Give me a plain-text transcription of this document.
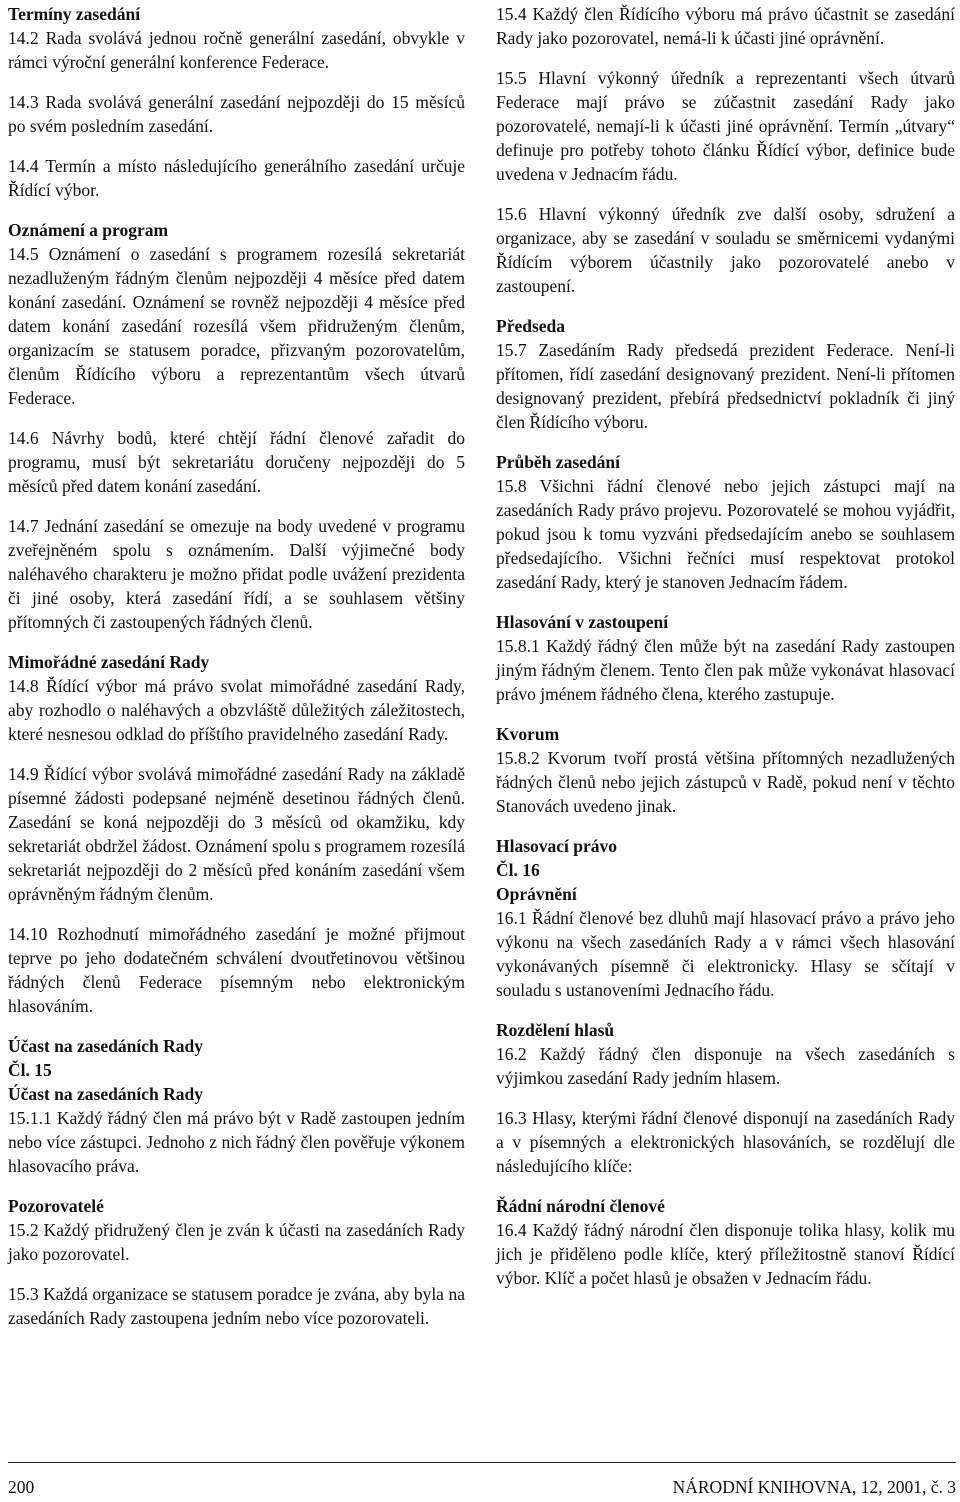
Termíny zasedání

14.2 Rada svolává jednou ročně generální zasedání, obvykle v rámci výroční generální konference Federace.

14.3 Rada svolává generální zasedání nejpozději do 15 měsíců po svém posledním zasedání.

14.4 Termín a místo následujícího generálního zasedání určuje Řídící výbor.

Oznámení a program

14.5 Oznámení o zasedání s programem rozesílá sekretariát nezadluženým řádným členům nejpozději 4 měsíce před datem konání zasedání. Oznámení se rovněž nejpozději 4 měsíce před datem konání zasedání rozesílá všem přidruženým členům, organizacím se statusem poradce, přizvaným pozorovatelům, členům Řídícího výboru a reprezentantům všech útvarů Federace.

14.6 Návrhy bodů, které chtějí řádní členové zařadit do programu, musí být sekretariátu doručeny nejpozději do 5 měsíců před datem konání zasedání.

14.7 Jednání zasedání se omezuje na body uvedené v programu zveřejněném spolu s oznámením. Další výjimečné body naléhavého charakteru je možno přidat podle uvážení prezidenta či jiné osoby, která zasedání řídí, a se souhlasem většiny přítomných či zastoupených řádných členů.

Mimořádné zasedání Rady

14.8 Řídící výbor má právo svolat mimořádné zasedání Rady, aby rozhodlo o naléhavých a obzvláště důležitých záležitostech, které nesnesou odklad do příštího pravidelného zasedání Rady.

14.9 Řídící výbor svolává mimořádné zasedání Rady na základě písemné žádosti podepsané nejméně desetinou řádných členů. Zasedání se koná nejpozději do 3 měsíců od okamžiku, kdy sekretariát obdržel žádost. Oznámení spolu s programem rozesílá sekretariát nejpozději do 2 měsíců před konáním zasedání všem oprávněným řádným členům.

14.10 Rozhodnutí mimořádného zasedání je možné přijmout teprve po jeho dodatečném schválení dvoutřetinovou většinou řádných členů Federace písemným nebo elektronickým hlasováním.

Účast na zasedáních Rady
Čl. 15
Účast na zasedáních Rady

15.1.1 Každý řádný člen má právo být v Radě zastoupen jedním nebo více zástupci. Jednoho z nich řádný člen pověřuje výkonem hlasovacího práva.

Pozorovatelé

15.2 Každý přidružený člen je zván k účasti na zasedáních Rady jako pozorovatel.

15.3 Každá organizace se statusem poradce je zvána, aby byla na zasedáních Rady zastoupena jedním nebo více pozorovateli.

15.4 Každý člen Řídícího výboru má právo účastnit se zasedání Rady jako pozorovatel, nemá-li k účasti jiné oprávnění.

15.5 Hlavní výkonný úředník a reprezentanti všech útvarů Federace mají právo se zúčastnit zasedání Rady jako pozorovatelé, nemají-li k účasti jiné oprávnění. Termín „útvary“ definuje pro potřeby tohoto článku Řídící výbor, definice bude uvedena v Jednacím řádu.

15.6 Hlavní výkonný úředník zve další osoby, sdružení a organizace, aby se zasedání v souladu se směrnicemi vydanými Řídícím výborem účastnily jako pozorovatelé anebo v zastoupení.

Předseda

15.7 Zasedáním Rady předsedá prezident Federace. Není-li přítomen, řídí zasedání designovaný prezident. Není-li přítomen designovaný prezident, přebírá předsednictví pokladník či jiný člen Řídícího výboru.

Průběh zasedání

15.8 Všichni řádní členové nebo jejich zástupci mají na zasedáních Rady právo projevu. Pozorovatelé se mohou vyjádřit, pokud jsou k tomu vyzváni předsedajícím anebo se souhlasem předsedajícího. Všichni řečníci musí respektovat protokol zasedání Rady, který je stanoven Jednacím řádem.

Hlasování v zastoupení

15.8.1 Každý řádný člen může být na zasedání Rady zastoupen jiným řádným členem. Tento člen pak může vykonávat hlasovací právo jménem řádného člena, kterého zastupuje.

Kvorum

15.8.2 Kvorum tvoří prostá většina přítomných nezadlužených řádných členů nebo jejich zástupců v Radě, pokud není v těchto Stanovách uvedeno jinak.

Hlasovací právo
Čl. 16
Oprávnění

16.1 Řádní členové bez dluhů mají hlasovací právo a právo jeho výkonu na všech zasedáních Rady a v rámci všech hlasování vykonávaných písemně či elektronicky. Hlasy se sčítají v souladu s ustanoveními Jednacího řádu.

Rozdělení hlasů

16.2 Každý řádný člen disponuje na všech zasedáních s výjimkou zasedání Rady jedním hlasem.

16.3 Hlasy, kterými řádní členové disponují na zasedáních Rady a v písemných a elektronických hlasováních, se rozdělují dle následujícího klíče:

Řádní národní členové

16.4 Každý řádný národní člen disponuje tolika hlasy, kolik mu jich je přiděleno podle klíče, který příležitostně stanoví Řídící výbor. Klíč a počet hlasů je obsažen v Jednacím řádu.

200	NÁRODNÍ KNIHOVNA, 12, 2001, č. 3
